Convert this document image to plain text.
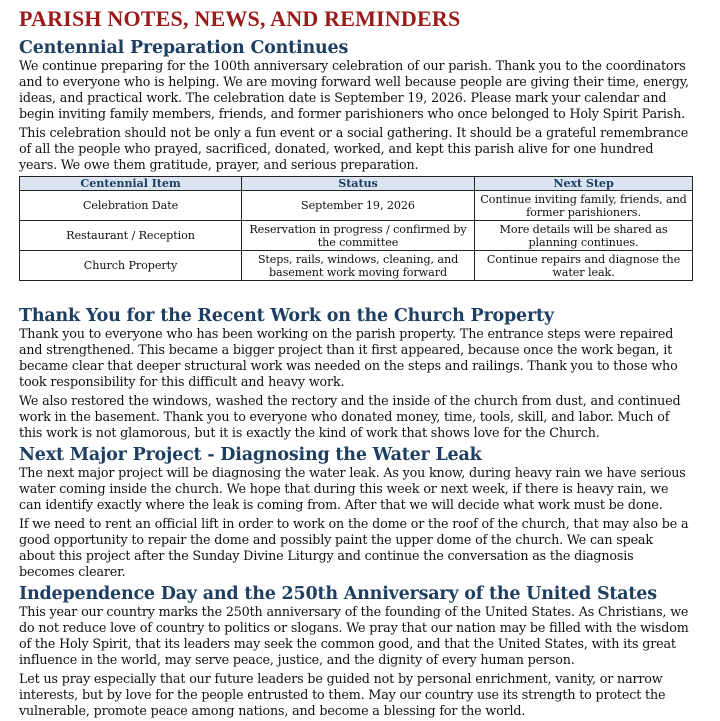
PARISH NOTES, NEWS, AND REMINDERS
Centennial Preparation Continues

We continue preparing for the 100th anniversary celebration of our parish. Thank you to the coordinators and to everyone who is helping. We are moving forward well because people are giving their time, energy, ideas, and practical work. The celebration date is September 19, 2026. Please mark your calendar and begin inviting family members, friends, and former parishioners who once belonged to Holy Spirit Parish.

This celebration should not be only a fun event or a social gathering. It should be a grateful remembrance of all the people who prayed, sacrificed, donated, worked, and kept this parish alive for one hundred years. We owe them gratitude, prayer, and serious preparation.

Centennial Item	Status	Next Step
Celebration Date	September 19, 2026	Continue inviting family, friends, and former parishioners.
Restaurant / Reception	Reservation in progress / confirmed by the committee	More details will be shared as planning continues.
Church Property	Steps, rails, windows, cleaning, and basement work moving forward	Continue repairs and diagnose the water leak.
Thank You for the Recent Work on the Church Property

Thank you to everyone who has been working on the parish property. The entrance steps were repaired and strengthened. This became a bigger project than it first appeared, because once the work began, it became clear that deeper structural work was needed on the steps and railings. Thank you to those who took responsibility for this difficult and heavy work.

We also restored the windows, washed the rectory and the inside of the church from dust, and continued work in the basement. Thank you to everyone who donated money, time, tools, skill, and labor. Much of this work is not glamorous, but it is exactly the kind of work that shows love for the Church.

Next Major Project - Diagnosing the Water Leak

The next major project will be diagnosing the water leak. As you know, during heavy rain we have serious water coming inside the church. We hope that during this week or next week, if there is heavy rain, we can identify exactly where the leak is coming from. After that we will decide what work must be done.

If we need to rent an official lift in order to work on the dome or the roof of the church, that may also be a good opportunity to repair the dome and possibly paint the upper dome of the church. We can speak about this project after the Sunday Divine Liturgy and continue the conversation as the diagnosis becomes clearer.

Independence Day and the 250th Anniversary of the United States

This year our country marks the 250th anniversary of the founding of the United States. As Christians, we do not reduce love of country to politics or slogans. We pray that our nation may be filled with the wisdom of the Holy Spirit, that its leaders may seek the common good, and that the United States, with its great influence in the world, may serve peace, justice, and the dignity of every human person.

Let us pray especially that our future leaders be guided not by personal enrichment, vanity, or narrow interests, but by love for the people entrusted to them. May our country use its strength to protect the vulnerable, promote peace among nations, and become a blessing for the world.
